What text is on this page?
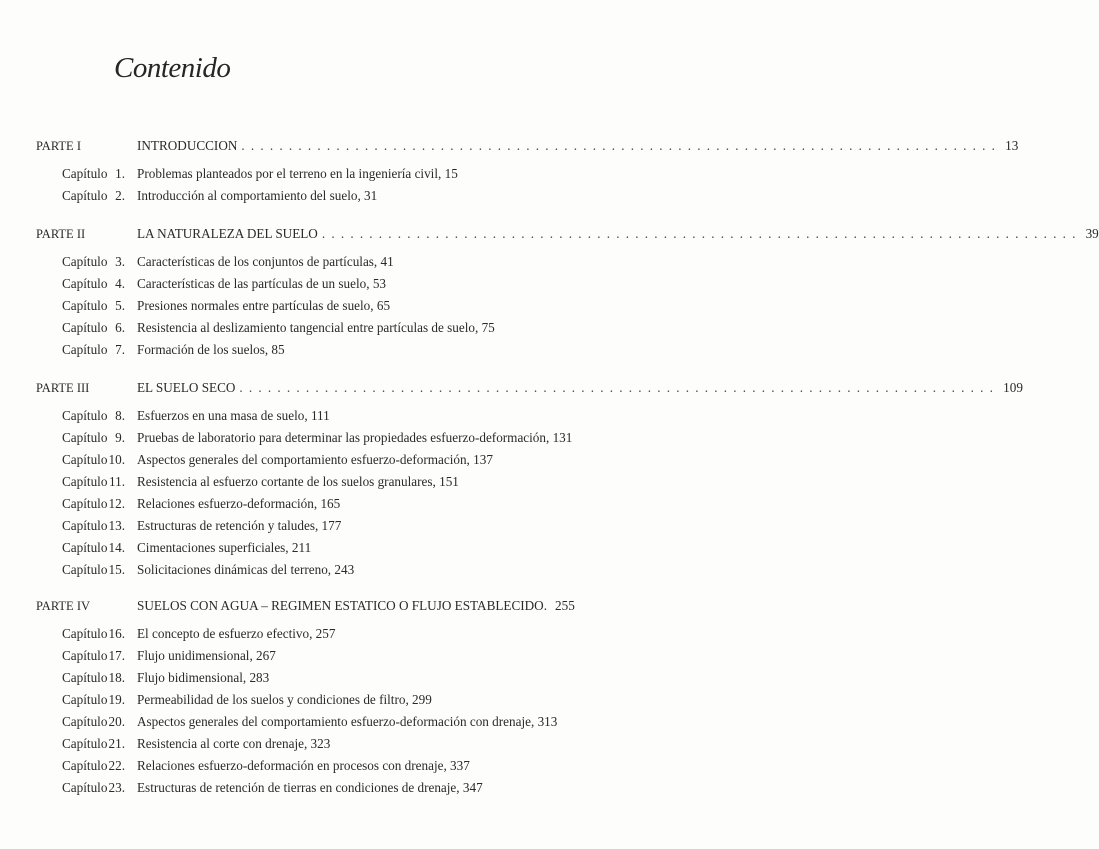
Contenido
PARTE I	INTRODUCCION ................................................................................ 13
Capítulo 1. Problemas planteados por el terreno en la ingeniería civil, 15
Capítulo 2. Introducción al comportamiento del suelo, 31
PARTE II	LA NATURALEZA DEL SUELO ................................................................................ 39
Capítulo 3. Características de los conjuntos de partículas, 41
Capítulo 4. Características de las partículas de un suelo, 53
Capítulo 5. Presiones normales entre partículas de suelo, 65
Capítulo 6. Resistencia al deslizamiento tangencial entre partículas de suelo, 75
Capítulo 7. Formación de los suelos, 85
PARTE III	EL SUELO SECO ................................................................................ 109
Capítulo 8. Esfuerzos en una masa de suelo, 111
Capítulo 9. Pruebas de laboratorio para determinar las propiedades esfuerzo-deformación, 131
Capítulo 10. Aspectos generales del comportamiento esfuerzo-deformación, 137
Capítulo 11. Resistencia al esfuerzo cortante de los suelos granulares, 151
Capítulo 12. Relaciones esfuerzo-deformación, 165
Capítulo 13. Estructuras de retención y taludes, 177
Capítulo 14. Cimentaciones superficiales, 211
Capítulo 15. Solicitaciones dinámicas del terreno, 243
PARTE IV	SUELOS CON AGUA – REGIMEN ESTATICO O FLUJO ESTABLECIDO. 255
Capítulo 16. El concepto de esfuerzo efectivo, 257
Capítulo 17. Flujo unidimensional, 267
Capítulo 18. Flujo bidimensional, 283
Capítulo 19. Permeabilidad de los suelos y condiciones de filtro, 299
Capítulo 20. Aspectos generales del comportamiento esfuerzo-deformación con drenaje, 313
Capítulo 21. Resistencia al corte con drenaje, 323
Capítulo 22. Relaciones esfuerzo-deformación en procesos con drenaje, 337
Capítulo 23. Estructuras de retención de tierras en condiciones de drenaje, 347
